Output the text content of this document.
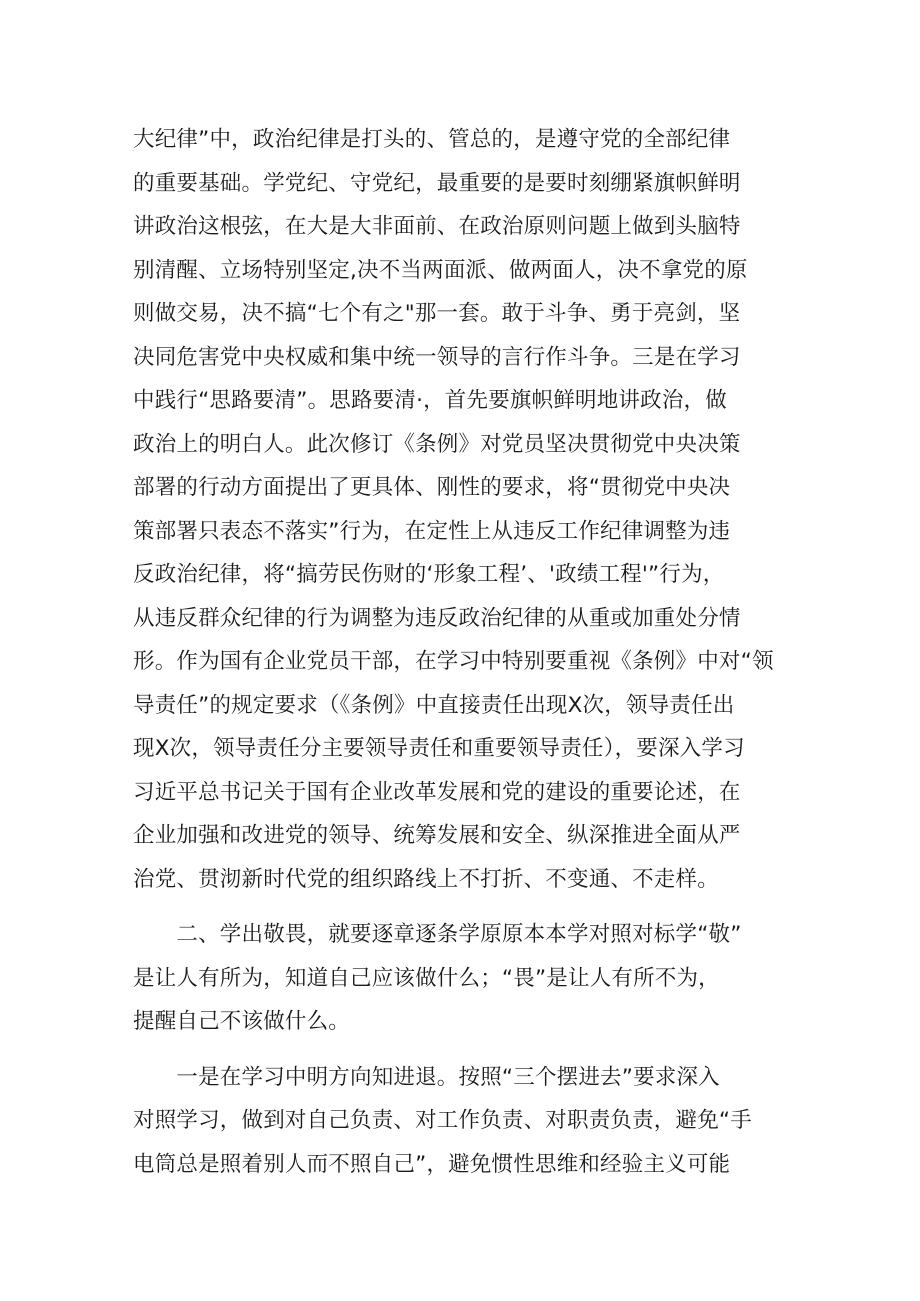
大纪律”中，政治纪律是打头的、管总的，是遵守党的全部纪律
的重要基础。学党纪、守党纪，最重要的是要时刻绷紧旗帜鲜明
讲政治这根弦，在大是大非面前、在政治原则问题上做到头脑特
别清醒、立场特别坚定,决不当两面派、做两面人，决不拿党的原
则做交易，决不搞“七个有之"那一套。敢于斗争、勇于亮剑，坚
决同危害党中央权威和集中统一领导的言行作斗争。三是在学习
中践行“思路要清”。思路要清·，首先要旗帜鲜明地讲政治，做
政治上的明白人。此次修订《条例》对党员坚决贯彻党中央决策
部署的行动方面提出了更具体、刚性的要求，将“贯彻党中央决
策部署只表态不落实”行为，在定性上从违反工作纪律调整为违
反政治纪律，将“搞劳民伤财的‘形象工程’、'政绩工程'”行为，
从违反群众纪律的行为调整为违反政治纪律的从重或加重处分情
形。作为国有企业党员干部，在学习中特别要重视《条例》中对“领
导责任”的规定要求（《条例》中直接责任出现X次，领导责任出
现X次，领导责任分主要领导责任和重要领导责任），要深入学习
习近平总书记关于国有企业改革发展和党的建设的重要论述，在
企业加强和改进党的领导、统筹发展和安全、纵深推进全面从严
治党、贯沏新时代党的组织路线上不打折、不变通、不走样。
　　二、学出敬畏，就要逐章逐条学原原本本学对照对标学“敬”
是让人有所为，知道自己应该做什么；“畏”是让人有所不为，
提醒自己不该做什么。
　　一是在学习中明方向知进退。按照“三个摆进去”要求深入
对照学习，做到对自己负责、对工作负责、对职责负责，避免“手
电筒总是照着别人而不照自己”，避免惯性思维和经验主义可能
